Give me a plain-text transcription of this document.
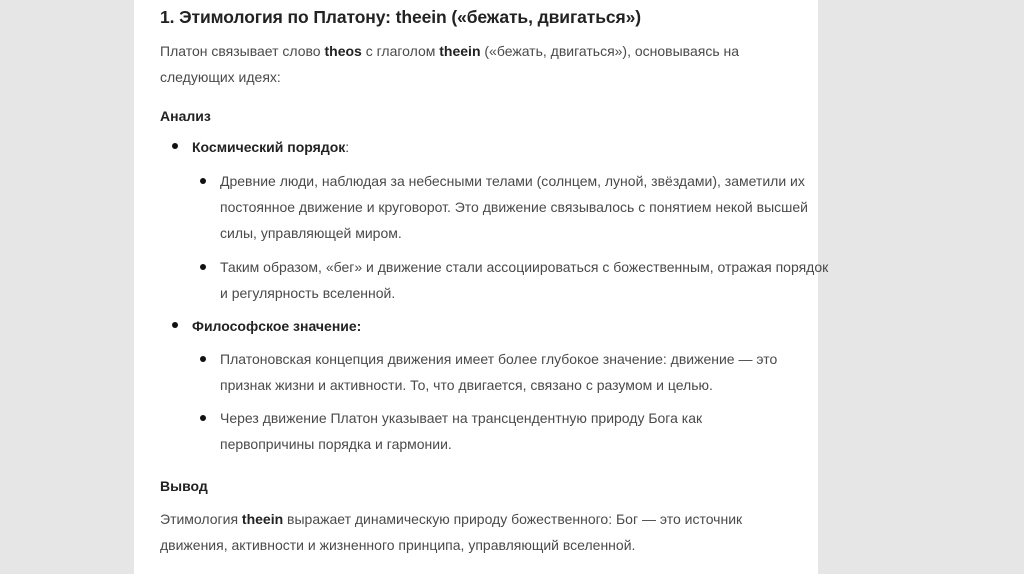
1. Этимология по Платону: theein («бежать, двигаться»)

Платон связывает слово theos с глаголом theein («бежать, двигаться»), основываясь на следующих идеях:

Анализ
Космический порядок:
Древние люди, наблюдая за небесными телами (солнцем, луной, звёздами), заметили их постоянное движение и круговорот. Это движение связывалось с понятием некой высшей силы, управляющей миром.
Таким образом, «бег» и движение стали ассоциироваться с божественным, отражая порядок и регулярность вселенной.
Философское значение:
Платоновская концепция движения имеет более глубокое значение: движение — это признак жизни и активности. То, что двигается, связано с разумом и целью.
Через движение Платон указывает на трансцендентную природу Бога как первопричины порядка и гармонии.
Вывод

Этимология theein выражает динамическую природу божественного: Бог — это источник движения, активности и жизненного принципа, управляющий вселенной.
